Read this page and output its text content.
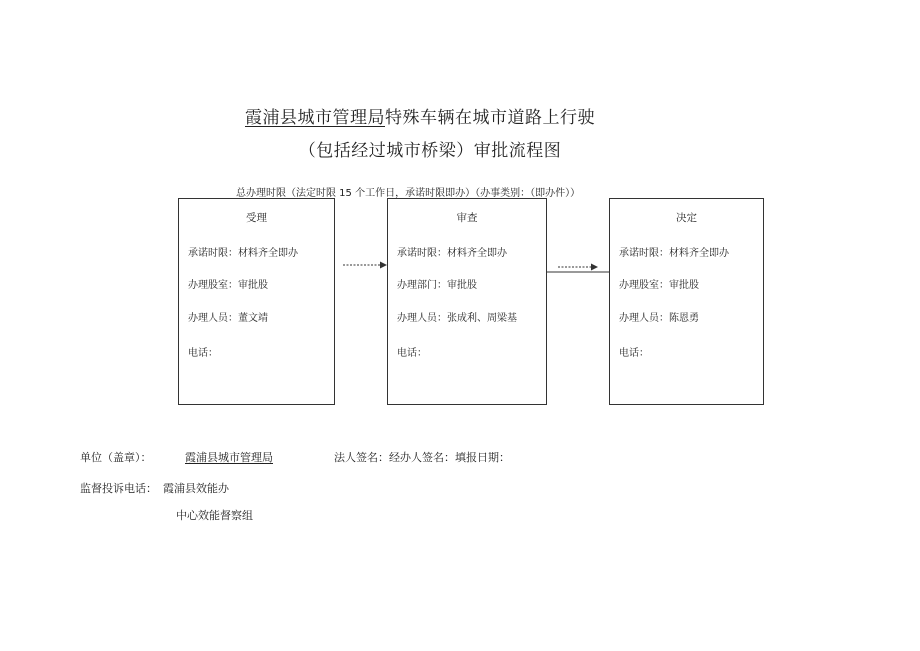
霞浦县城市管理局特殊车辆在城市道路上行驶
（包括经过城市桥梁）审批流程图
总办理时限（法定时限 15 个工作日，承诺时限即办）（办事类别：（即办件））
受理
承诺时限：材料齐全即办
办理股室：审批股
办理人员：董文靖
电话：
审查
承诺时限：材料齐全即办
办理部门：审批股
办理人员：张成利、周梁基
电话：
决定
承诺时限：材料齐全即办
办理股室：审批股
办理人员：陈恩勇
电话：
单位（盖章）：	霞浦县城市管理局	法人签名：经办人签名：填报日期：
监督投诉电话： 霞浦县效能办
中心效能督察组
